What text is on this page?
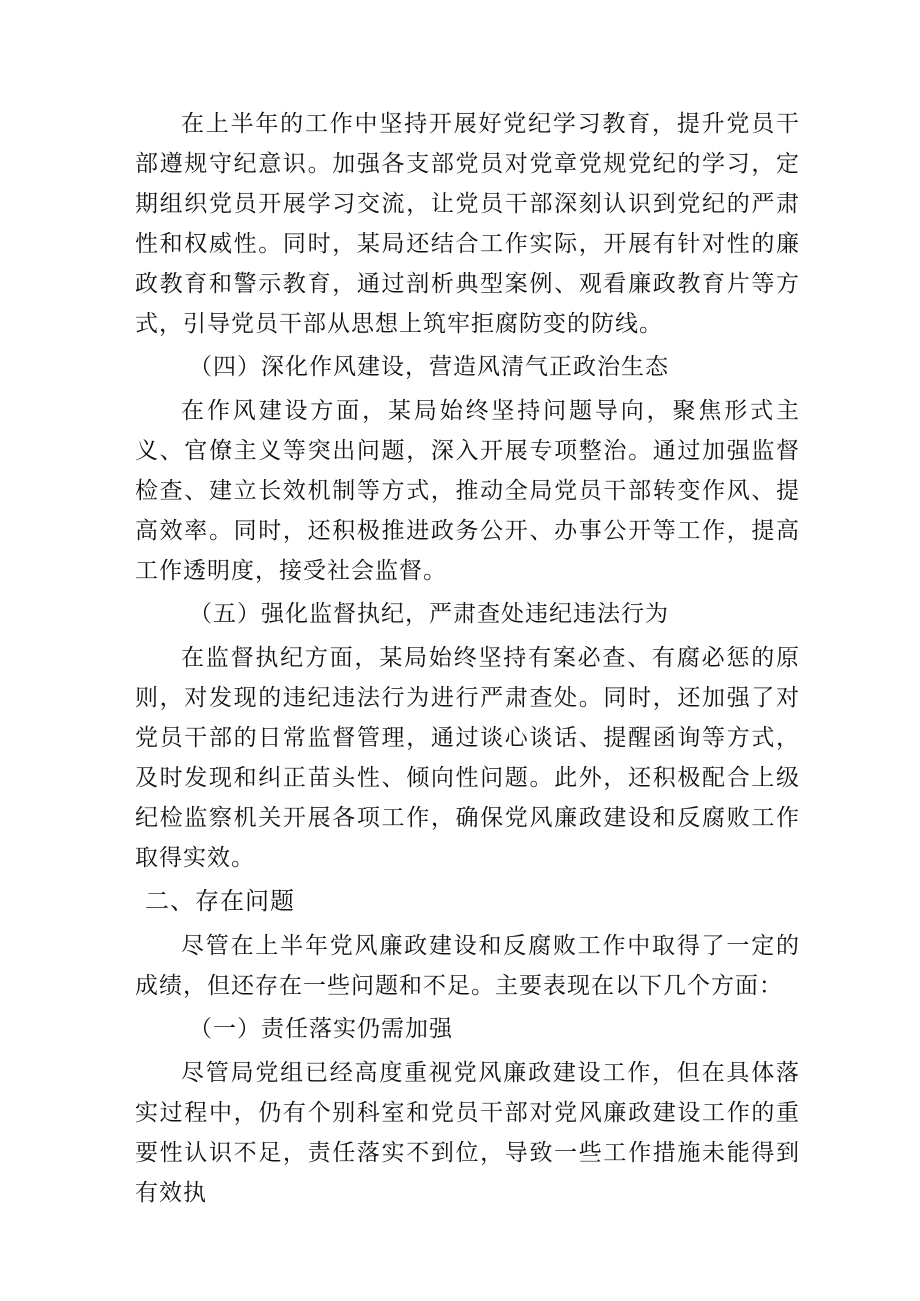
在上半年的工作中坚持开展好党纪学习教育，提升党员干部遵规守纪意识。加强各支部党员对党章党规党纪的学习，定期组织党员开展学习交流，让党员干部深刻认识到党纪的严肃性和权威性。同时，某局还结合工作实际，开展有针对性的廉政教育和警示教育，通过剖析典型案例、观看廉政教育片等方式，引导党员干部从思想上筑牢拒腐防变的防线。

（四）深化作风建设，营造风清气正政治生态

在作风建设方面，某局始终坚持问题导向，聚焦形式主义、官僚主义等突出问题，深入开展专项整治。通过加强监督检查、建立长效机制等方式，推动全局党员干部转变作风、提高效率。同时，还积极推进政务公开、办事公开等工作，提高工作透明度，接受社会监督。

（五）强化监督执纪，严肃查处违纪违法行为

在监督执纪方面，某局始终坚持有案必查、有腐必惩的原则，对发现的违纪违法行为进行严肃查处。同时，还加强了对党员干部的日常监督管理，通过谈心谈话、提醒函询等方式，及时发现和纠正苗头性、倾向性问题。此外，还积极配合上级纪检监察机关开展各项工作，确保党风廉政建设和反腐败工作取得实效。

二、存在问题

尽管在上半年党风廉政建设和反腐败工作中取得了一定的成绩，但还存在一些问题和不足。主要表现在以下几个方面：

（一）责任落实仍需加强

尽管局党组已经高度重视党风廉政建设工作，但在具体落实过程中，仍有个别科室和党员干部对党风廉政建设工作的重要性认识不足，责任落实不到位，导致一些工作措施未能得到有效执
